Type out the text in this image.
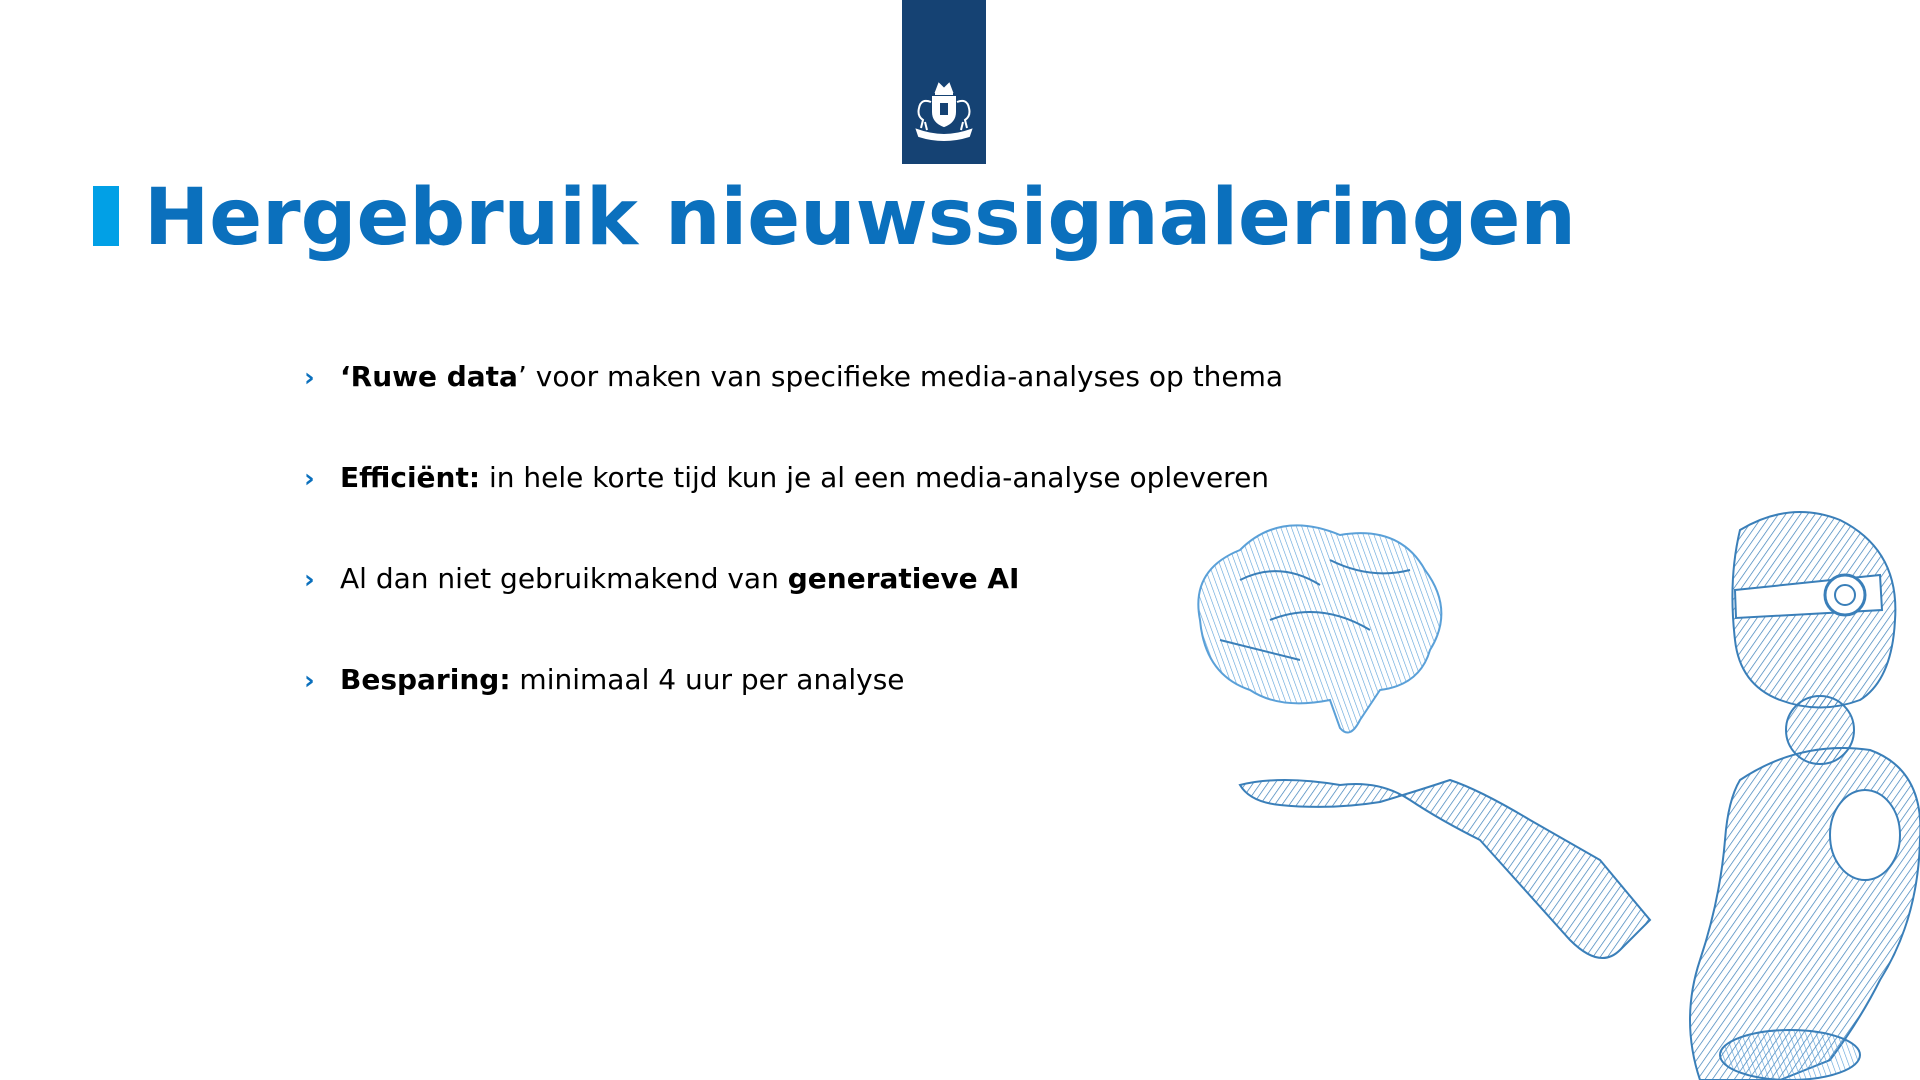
Hergebruik nieuwssignaleringen
› ‘Ruwe data’ voor maken van specifieke media-analyses op thema
› Efficiënt: in hele korte tijd kun je al een media-analyse opleveren
› Al dan niet gebruikmakend van generatieve AI
› Besparing: minimaal 4 uur per analyse
